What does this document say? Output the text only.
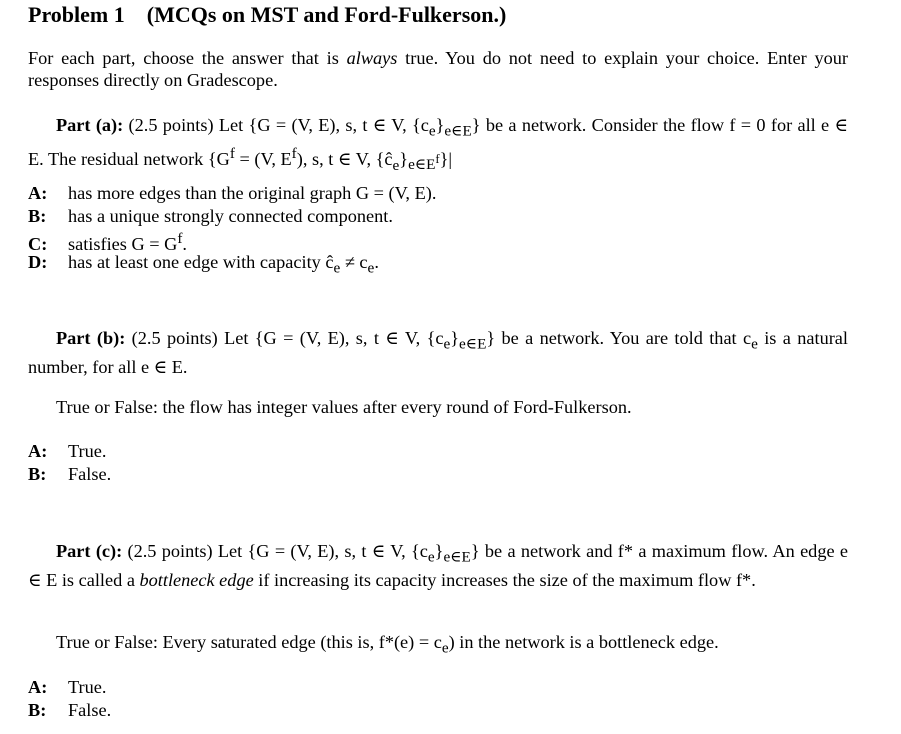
Problem 1 (MCQs on MST and Ford-Fulkerson.)
For each part, choose the answer that is always true. You do not need to explain your choice. Enter your responses directly on Gradescope.
Part (a): (2.5 points) Let {G = (V, E), s, t ∈ V, $\{c_e\}_{e\in E}$} be a network. Consider the flow f = 0 for all e ∈ E. The residual network {$G^f = (V$, $E^f$), s, t ∈ V, $\{ĉ_e\}_{e\in E^f}\}|$
A: has more edges than the original graph G = (V, E).
B: has a unique strongly connected component.
C: satisfies $G = G^f$.
D: has at least one edge with capacity $ĉ_e \ne c_e$.
Part (b): (2.5 points) Let {G = (V, E), s, t ∈ V, $\{c_e\}_{e\in E}$} be a network. You are told that $c_e$ is a natural number, for all e ∈ E.
True or False: the flow has integer values after every round of Ford-Fulkerson.
A: True.
B: False.
Part (c): (2.5 points) Let {G = (V, E), s, t ∈ V, $\{c_e\}_{e\in E}$} be a network and f* a maximum flow. An edge e ∈ E is called a bottleneck edge if increasing its capacity increases the size of the maximum flow f*.
True or False: Every saturated edge (this is, $f*(e) = c_e$) in the network is a bottleneck edge.
A: True.
B: False.
